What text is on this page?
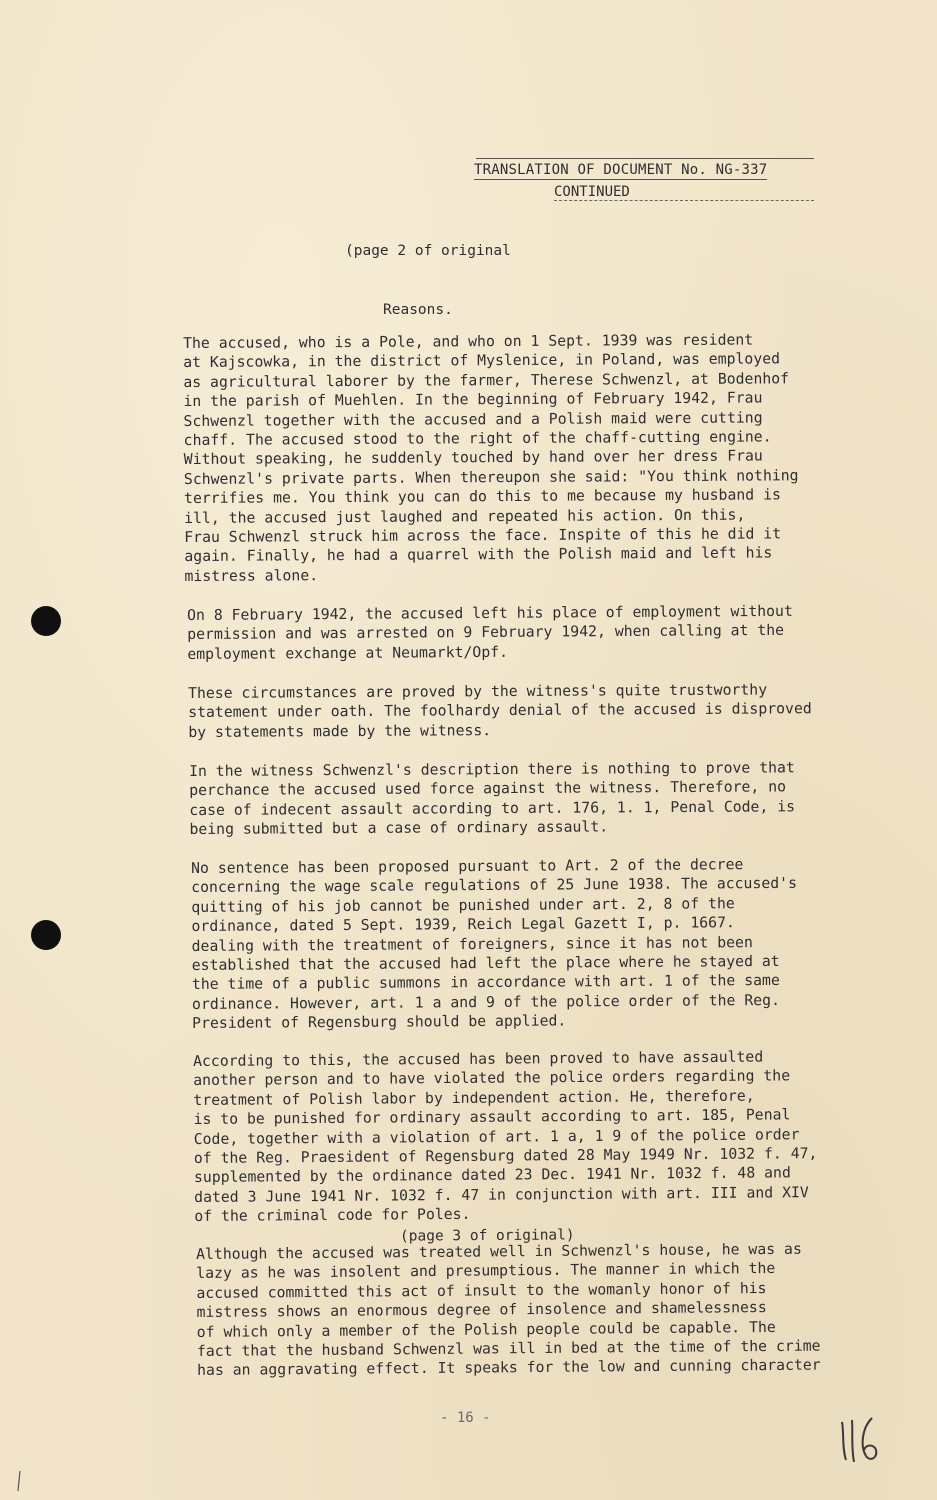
TRANSLATION OF DOCUMENT No. NG-337
CONTINUED
(page 2 of original
Reasons.
The accused, who is a Pole, and who on 1 Sept. 1939 was resident
at Kajscowka, in the district of Myslenice, in Poland, was employed
as agricultural laborer by the farmer, Therese Schwenzl, at Bodenhof
in the parish of Muehlen. In the beginning of February 1942, Frau
Schwenzl together with the accused and a Polish maid were cutting
chaff. The accused stood to the right of the chaff-cutting engine.
Without speaking, he suddenly touched by hand over her dress Frau
Schwenzl's private parts. When thereupon she said: "You think nothing
terrifies me. You think you can do this to me because my husband is
ill, the accused just laughed and repeated his action. On this,
Frau Schwenzl struck him across the face. Inspite of this he did it
again. Finally, he had a quarrel with the Polish maid and left his
mistress alone.
On 8 February 1942, the accused left his place of employment without
permission and was arrested on 9 February 1942, when calling at the
employment exchange at Neumarkt/Opf.
These circumstances are proved by the witness's quite trustworthy
statement under oath. The foolhardy denial of the accused is disproved
by statements made by the witness.
In the witness Schwenzl's description there is nothing to prove that
perchance the accused used force against the witness. Therefore, no
case of indecent assault according to art. 176, 1. 1, Penal Code, is
being submitted but a case of ordinary assault.
No sentence has been proposed pursuant to Art. 2 of the decree
concerning the wage scale regulations of 25 June 1938. The accused's
quitting of his job cannot be punished under art. 2, 8 of the
ordinance, dated 5 Sept. 1939, Reich Legal Gazett I, p. 1667.
dealing with the treatment of foreigners, since it has not been
established that the accused had left the place where he stayed at
the time of a public summons in accordance with art. 1 of the same
ordinance. However, art. 1 a and 9 of the police order of the Reg.
President of Regensburg should be applied.
According to this, the accused has been proved to have assaulted
another person and to have violated the police orders regarding the
treatment of Polish labor by independent action. He, therefore,
is to be punished for ordinary assault according to art. 185, Penal
Code, together with a violation of art. 1 a, 1 9 of the police order
of the Reg. Praesident of Regensburg dated 28 May 1949 Nr. 1032 f. 47,
supplemented by the ordinance dated 23 Dec. 1941 Nr. 1032 f. 48 and
dated 3 June 1941 Nr. 1032 f. 47 in conjunction with art. III and XIV
of the criminal code for Poles.
(page 3 of original)
Although the accused was treated well in Schwenzl's house, he was as
lazy as he was insolent and presumptious. The manner in which the
accused committed this act of insult to the womanly honor of his
mistress shows an enormous degree of insolence and shamelessness
of which only a member of the Polish people could be capable. The
fact that the husband Schwenzl was ill in bed at the time of the crime
has an aggravating effect. It speaks for the low and cunning character
- 16 -
